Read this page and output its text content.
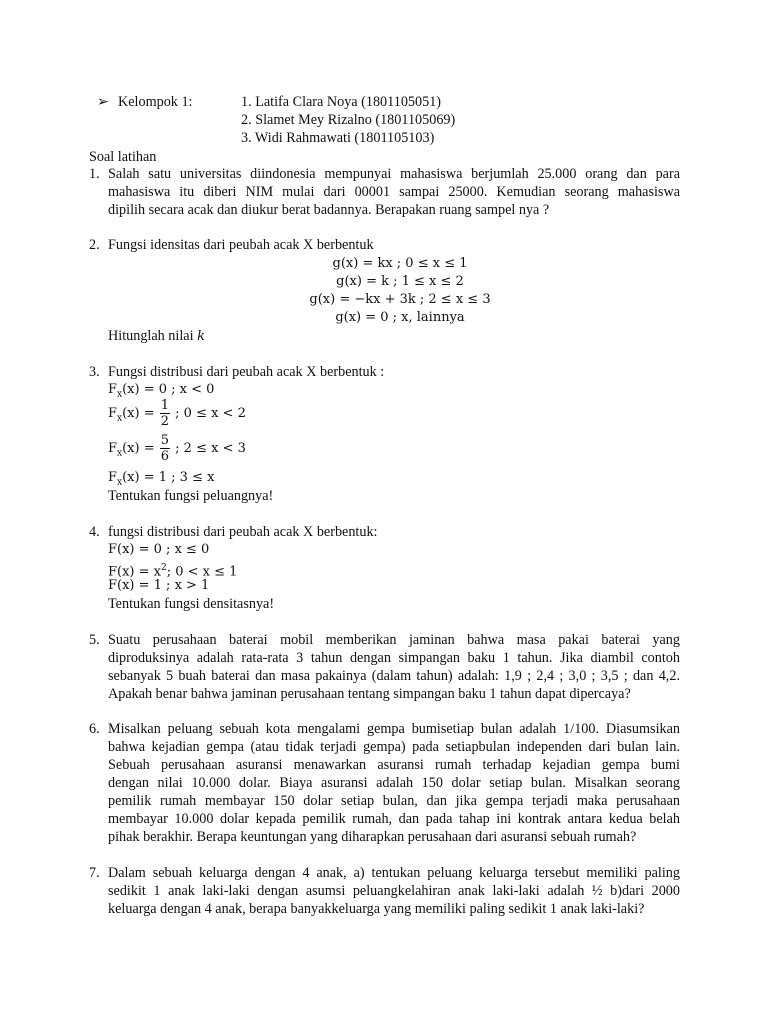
➢ Kelompok 1:	1. Latifa Clara Noya (1801105051)
2. Slamet Mey Rizalno (1801105069)
3. Widi Rahmawati (1801105103)
Soal latihan
1. Salah satu universitas diindonesia mempunyai mahasiswa berjumlah 25.000 orang dan para
mahasiswa itu diberi NIM mulai dari 00001 sampai 25000. Kemudian seorang mahasiswa
dipilih secara acak dan diukur berat badannya. Berapakan ruang sampel nya ?
2. Fungsi idensitas dari peubah acak X berbentuk
g(x) = kx ; 0 ≤ x ≤ 1
g(x) = k ; 1 ≤ x ≤ 2
g(x) = −kx + 3k ; 2 ≤ x ≤ 3
g(x) = 0 ; x, lainnya
Hitunglah nilai k
3. Fungsi distribusi dari peubah acak X berbentuk :
$F_x(x) = 0$ ; x < 0
$F_x(x) = \frac{1}{2}$ ; 0 ≤ x < 2
$F_x(x) = \frac{5}{6}$ ; 2 ≤ x < 3
$F_x(x) = 1$ ; 3 ≤ x
Tentukan fungsi peluangnya!
4. fungsi distribusi dari peubah acak X berbentuk:
F(x) = 0 ; x ≤ 0
$F(x) = x^2$; 0 < x ≤ 1
F(x) = 1 ; x > 1
Tentukan fungsi densitasnya!
5. Suatu perusahaan baterai mobil memberikan jaminan bahwa masa pakai baterai yang
diproduksinya adalah rata-rata 3 tahun dengan simpangan baku 1 tahun. Jika diambil contoh
sebanyak 5 buah baterai dan masa pakainya (dalam tahun) adalah: 1,9 ; 2,4 ; 3,0 ; 3,5 ; dan 4,2.
Apakah benar bahwa jaminan perusahaan tentang simpangan baku 1 tahun dapat dipercaya?
6. Misalkan peluang sebuah kota mengalami gempa bumisetiap bulan adalah 1/100. Diasumsikan
bahwa kejadian gempa (atau tidak terjadi gempa) pada setiapbulan independen dari bulan lain.
Sebuah perusahaan asuransi menawarkan asuransi rumah terhadap kejadian gempa bumi
dengan nilai 10.000 dolar. Biaya asuransi adalah 150 dolar setiap bulan. Misalkan seorang
pemilik rumah membayar 150 dolar setiap bulan, dan jika gempa terjadi maka perusahaan
membayar 10.000 dolar kepada pemilik rumah, dan pada tahap ini kontrak antara kedua belah
pihak berakhir. Berapa keuntungan yang diharapkan perusahaan dari asuransi sebuah rumah?
7. Dalam sebuah keluarga dengan 4 anak, a) tentukan peluang keluarga tersebut memiliki paling
sedikit 1 anak laki-laki dengan asumsi peluangkelahiran anak laki-laki adalah ½ b)dari 2000
keluarga dengan 4 anak, berapa banyakkeluarga yang memiliki paling sedikit 1 anak laki-laki?
